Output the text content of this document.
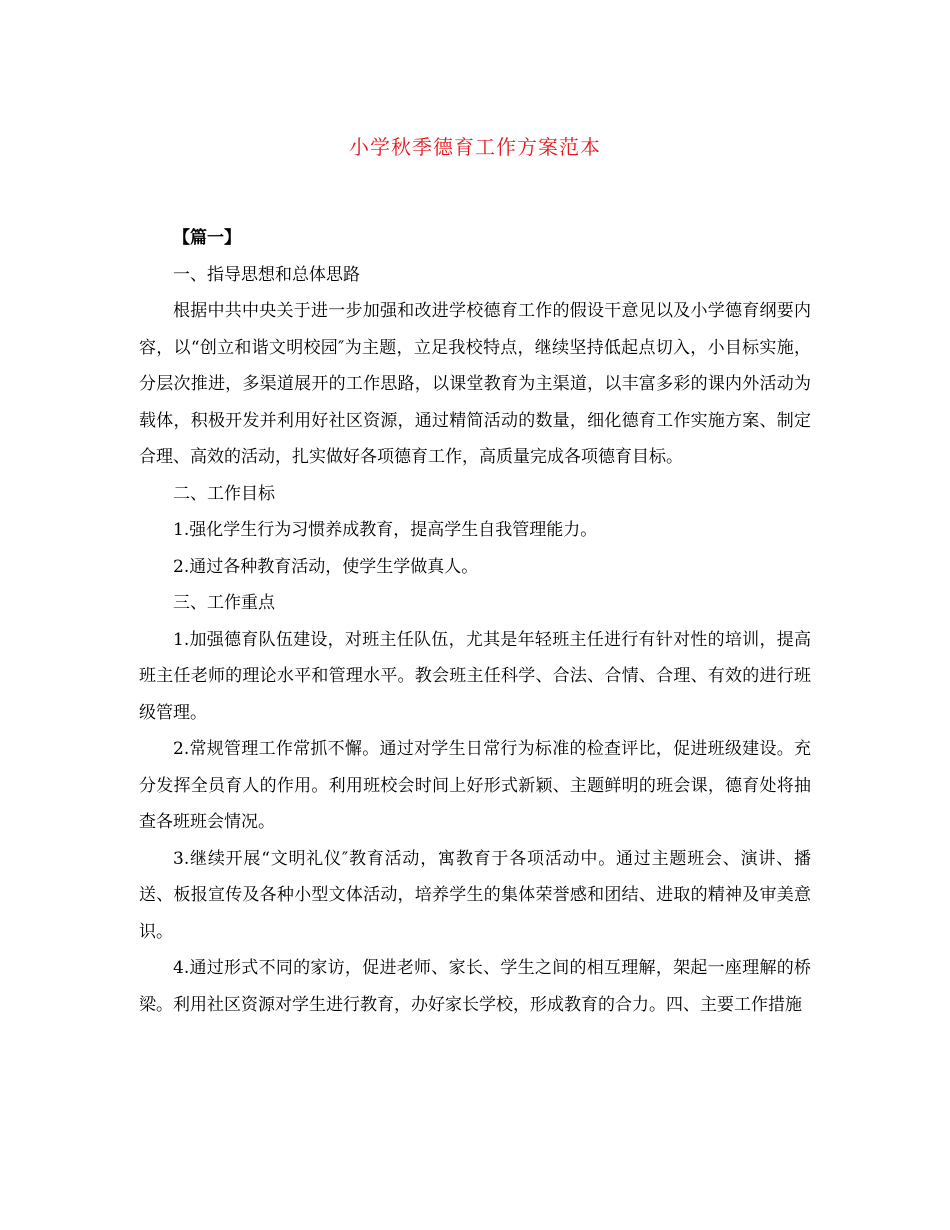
小学秋季德育工作方案范本

【篇一】

一、指导思想和总体思路

根据中共中央关于进一步加强和改进学校德育工作的假设干意见以及小学德育纲要内容，以“创立和谐文明校园″为主题，立足我校特点，继续坚持低起点切入，小目标实施，分层次推进，多渠道展开的工作思路，以课堂教育为主渠道，以丰富多彩的课内外活动为载体，积极开发并利用好社区资源，通过精简活动的数量，细化德育工作实施方案、制定合理、高效的活动，扎实做好各项德育工作，高质量完成各项德育目标。

二、工作目标

1.强化学生行为习惯养成教育，提高学生自我管理能力。

2.通过各种教育活动，使学生学做真人。

三、工作重点

1.加强德育队伍建设，对班主任队伍，尤其是年轻班主任进行有针对性的培训，提高班主任老师的理论水平和管理水平。教会班主任科学、合法、合情、合理、有效的进行班级管理。

2.常规管理工作常抓不懈。通过对学生日常行为标准的检查评比，促进班级建设。充分发挥全员育人的作用。利用班校会时间上好形式新颖、主题鲜明的班会课，德育处将抽查各班班会情况。

3.继续开展“文明礼仪″教育活动，寓教育于各项活动中。通过主题班会、演讲、播送、板报宣传及各种小型文体活动，培养学生的集体荣誉感和团结、进取的精神及审美意识。

4.通过形式不同的家访，促进老师、家长、学生之间的相互理解，架起一座理解的桥梁。利用社区资源对学生进行教育，办好家长学校，形成教育的合力。四、主要工作措施
